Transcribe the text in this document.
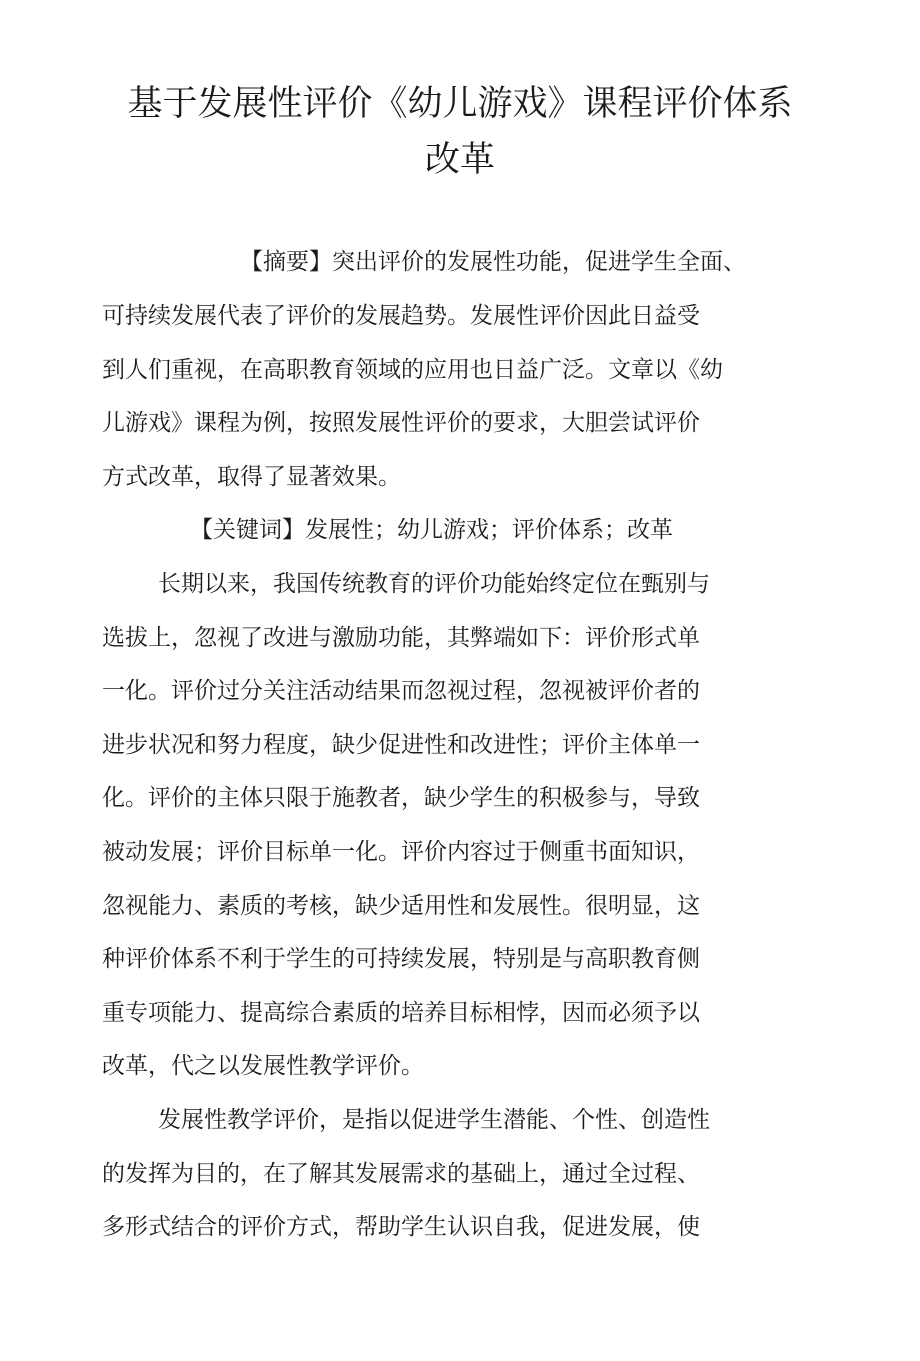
基于发展性评价《幼儿游戏》课程评价体系
改革

【摘要】突出评价的发展性功能，促进学生全面、

可持续发展代表了评价的发展趋势。发展性评价因此日益受

到人们重视，在高职教育领域的应用也日益广泛。文章以《幼

儿游戏》课程为例，按照发展性评价的要求，大胆尝试评价

方式改革，取得了显著效果。

【关键词】发展性；幼儿游戏；评价体系；改革

长期以来，我国传统教育的评价功能始终定位在甄别与

选拔上，忽视了改进与激励功能，其弊端如下：评价形式单

一化。评价过分关注活动结果而忽视过程，忽视被评价者的

进步状况和努力程度，缺少促进性和改进性；评价主体单一

化。评价的主体只限于施教者，缺少学生的积极参与，导致

被动发展；评价目标单一化。评价内容过于侧重书面知识，

忽视能力、素质的考核，缺少适用性和发展性。很明显，这

种评价体系不利于学生的可持续发展，特别是与高职教育侧

重专项能力、提高综合素质的培养目标相悖，因而必须予以

改革，代之以发展性教学评价。

发展性教学评价，是指以促进学生潜能、个性、创造性

的发挥为目的，在了解其发展需求的基础上，通过全过程、

多形式结合的评价方式，帮助学生认识自我，促进发展，使
